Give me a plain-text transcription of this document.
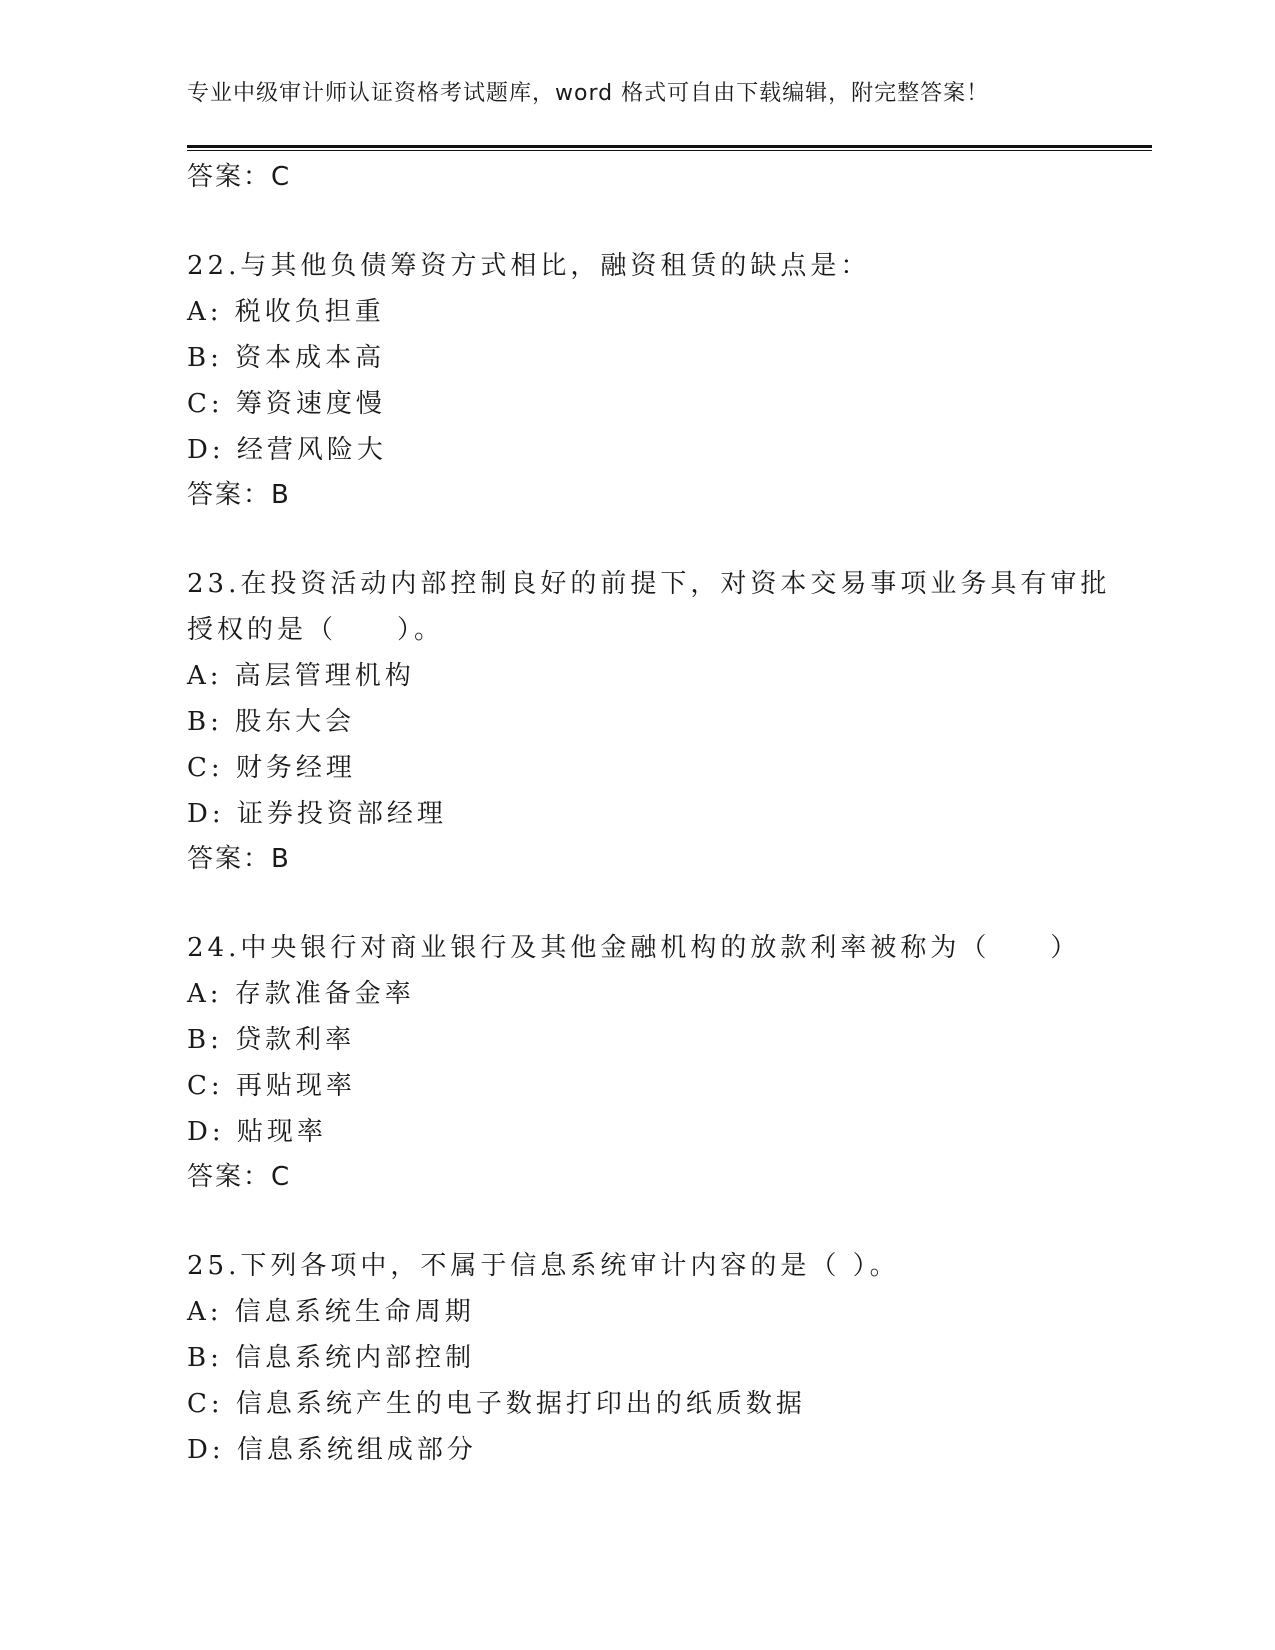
专业中级审计师认证资格考试题库，word 格式可自由下载编辑，附完整答案！
答案：C
22.与其他负债筹资方式相比，融资租赁的缺点是：
A: 税收负担重
B: 资本成本高
C: 筹资速度慢
D: 经营风险大
答案：B
23.在投资活动内部控制良好的前提下，对资本交易事项业务具有审批
授权的是（　　）。
A: 高层管理机构
B: 股东大会
C: 财务经理
D: 证券投资部经理
答案：B
24.中央银行对商业银行及其他金融机构的放款利率被称为（　　）
A: 存款准备金率
B: 贷款利率
C: 再贴现率
D: 贴现率
答案：C
25.下列各项中，不属于信息系统审计内容的是（ ）。
A: 信息系统生命周期
B: 信息系统内部控制
C: 信息系统产生的电子数据打印出的纸质数据
D: 信息系统组成部分
